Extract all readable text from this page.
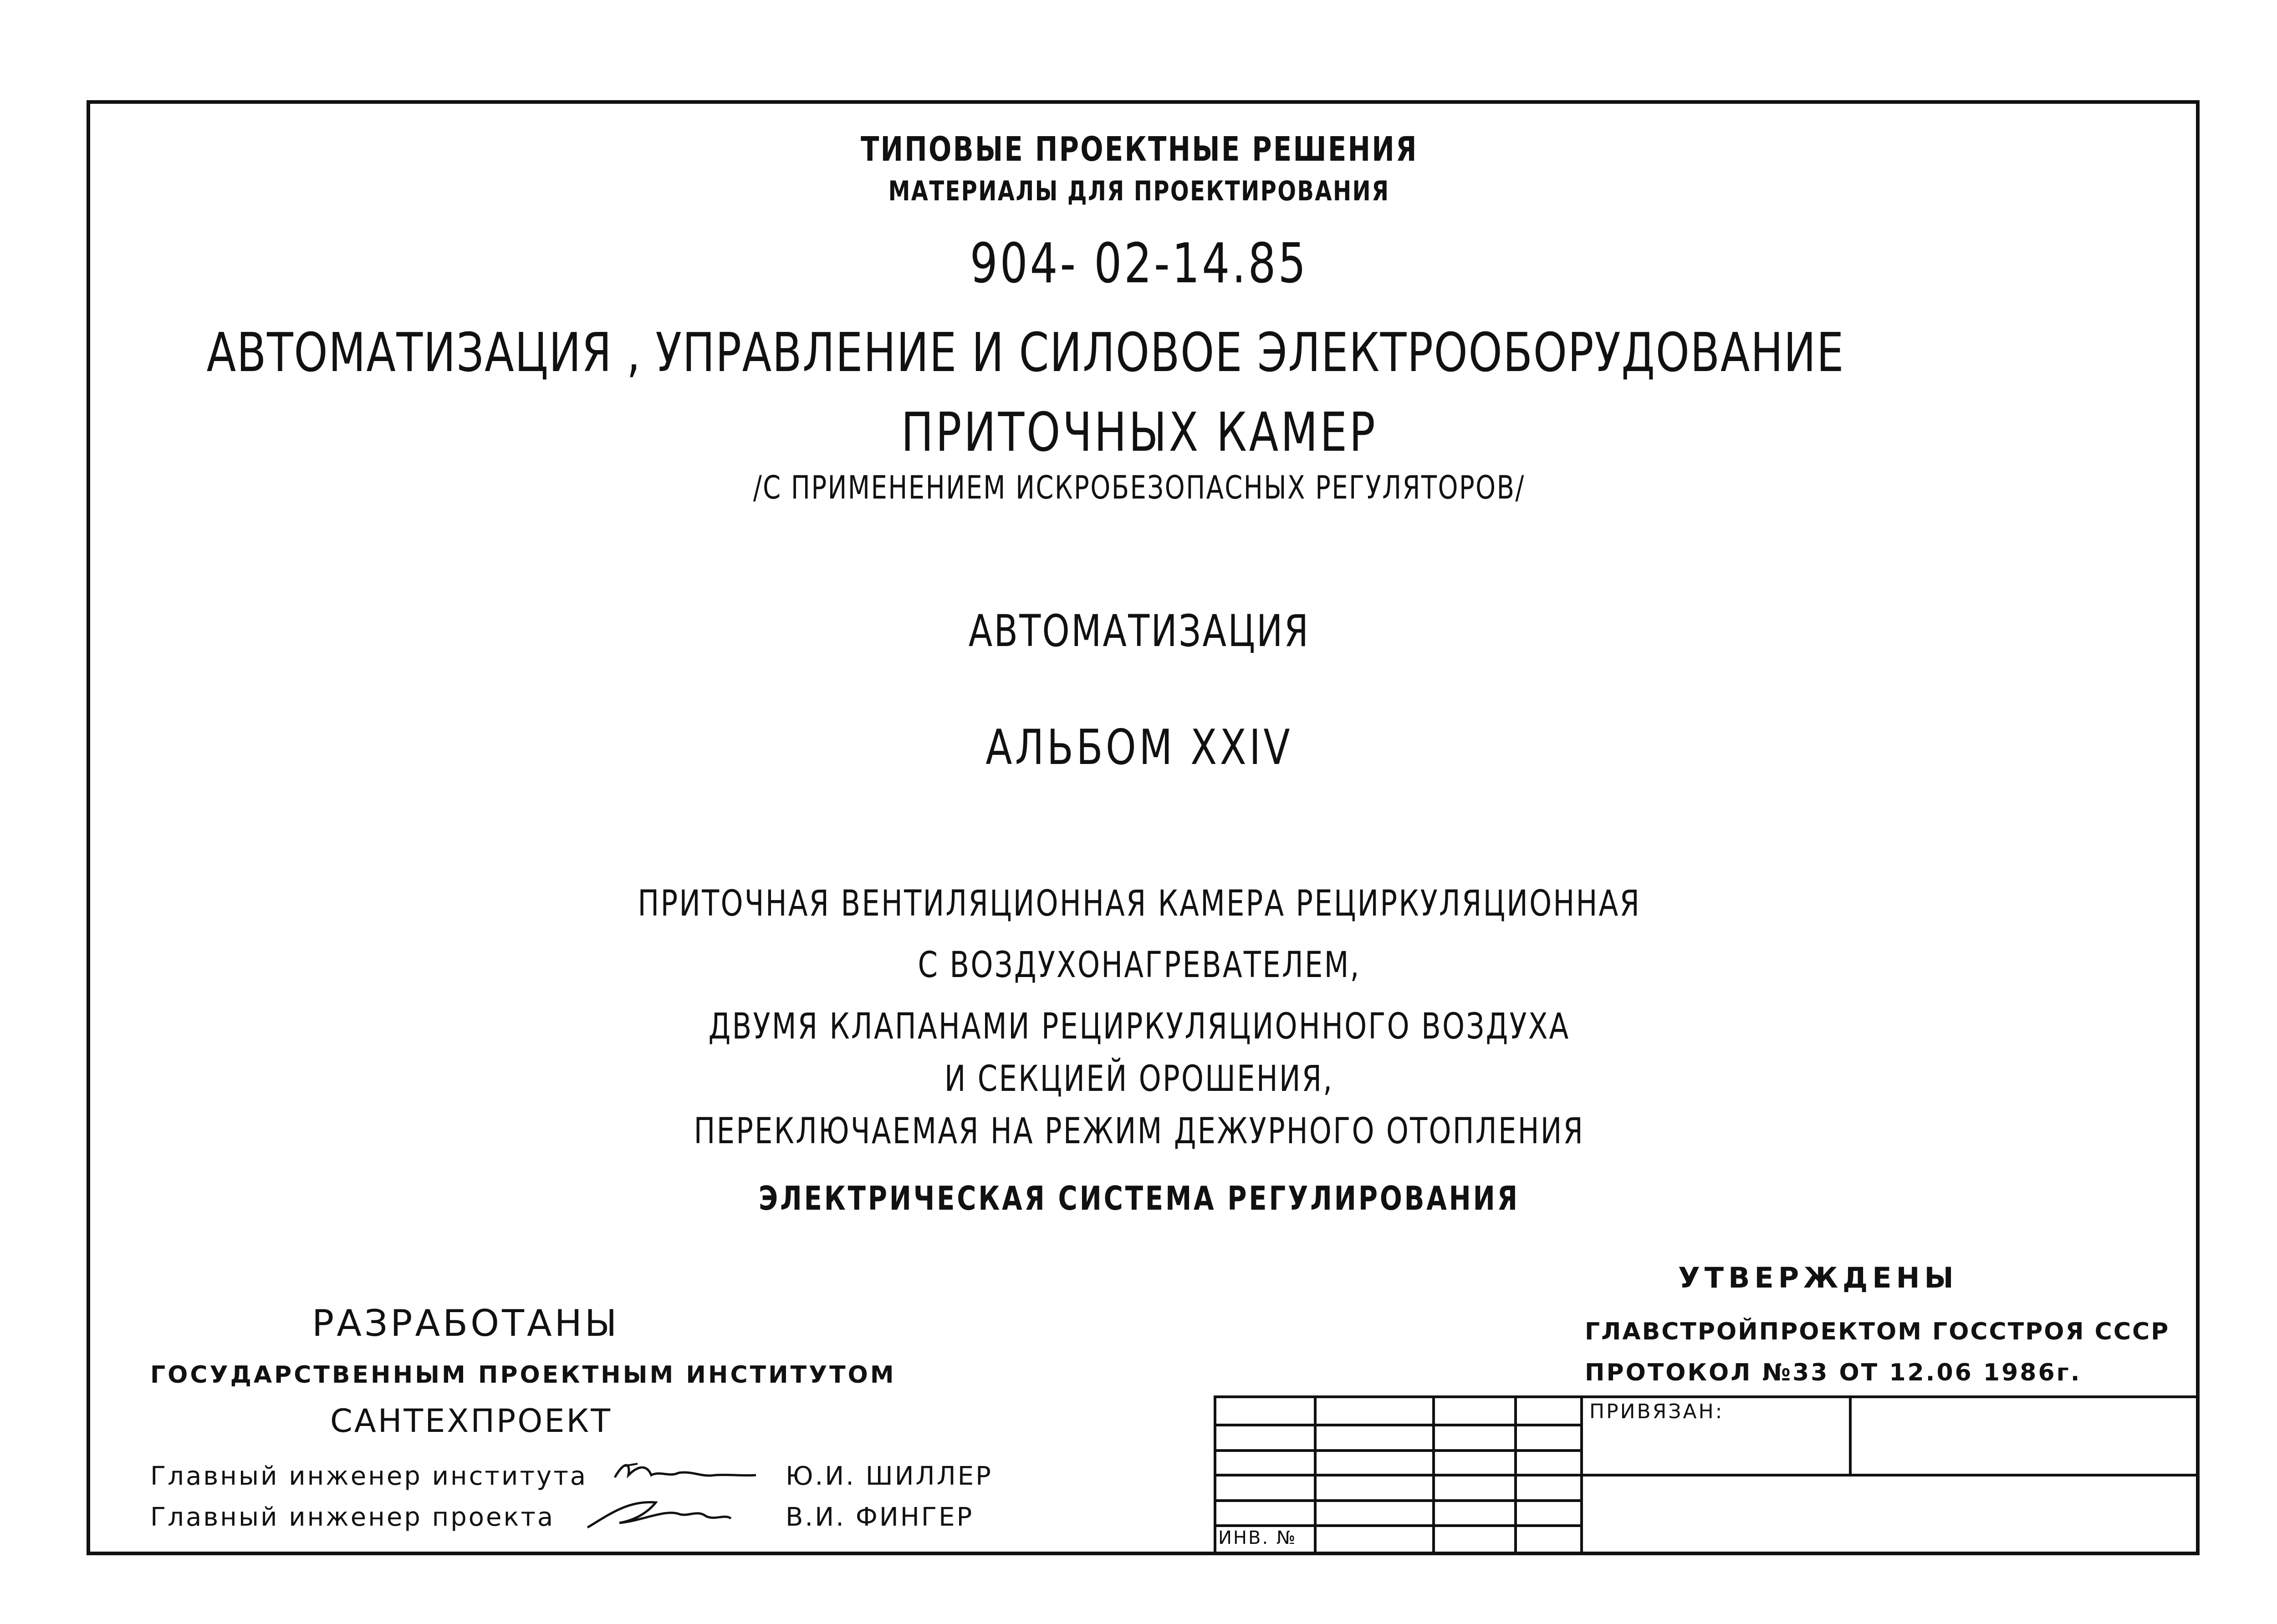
ТИПОВЫЕ ПРОЕКТНЫЕ РЕШЕНИЯ
МАТЕРИАЛЫ ДЛЯ ПРОЕКТИРОВАНИЯ
904- 02-14.85
АВТОМАТИЗАЦИЯ , УПРАВЛЕНИЕ И СИЛОВОЕ ЭЛЕКТРООБОРУДОВАНИЕ
ПРИТОЧНЫХ КАМЕР
/С ПРИМЕНЕНИЕМ ИСКРОБЕЗОПАСНЫХ РЕГУЛЯТОРОВ/
АВТОМАТИЗАЦИЯ
АЛЬБОМ XXIV
ПРИТОЧНАЯ ВЕНТИЛЯЦИОННАЯ КАМЕРА РЕЦИРКУЛЯЦИОННАЯ
С ВОЗДУХОНАГРЕВАТЕЛЕМ,
ДВУМЯ КЛАПАНАМИ РЕЦИРКУЛЯЦИОННОГО ВОЗДУХА
И СЕКЦИЕЙ ОРОШЕНИЯ,
ПЕРЕКЛЮЧАЕМАЯ НА РЕЖИМ ДЕЖУРНОГО ОТОПЛЕНИЯ
ЭЛЕКТРИЧЕСКАЯ СИСТЕМА РЕГУЛИРОВАНИЯ
РАЗРАБОТАНЫ
ГОСУДАРСТВЕННЫМ ПРОЕКТНЫМ ИНСТИТУТОМ
САНТЕХПРОЕКТ
Главный инженер института	Ю.И. ШИЛЛЕР
Главный инженер проекта	В.И. ФИНГЕР
УТВЕРЖДЕНЫ
ГЛАВСТРОЙПРОЕКТОМ ГОССТРОЯ СССР
ПРОТОКОЛ №33 ОТ 12.06 1986г.
ПРИВЯЗАН:
ИНВ. №
